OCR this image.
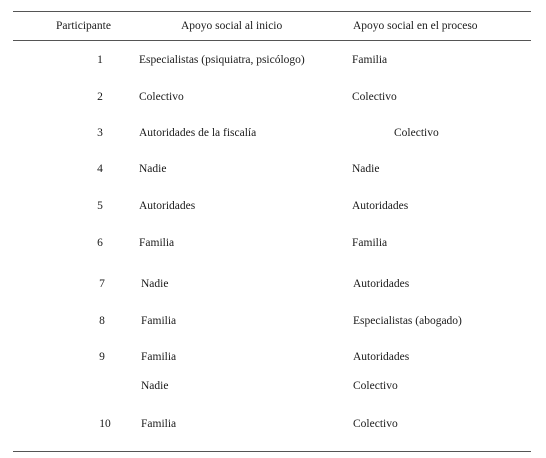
Participante	Apoyo social al inicio	Apoyo social en el proceso
1	Especialistas (psiquiatra, psicólogo)	Familia
2	Colectivo	Colectivo
3	Autoridades de la fiscalía	Colectivo
4	Nadie	Nadie
5	Autoridades	Autoridades
6	Familia	Familia
7	Nadie	Autoridades
8	Familia	Especialistas (abogado)
9	Familia	Autoridades
Nadie	Colectivo
10	Familia	Colectivo
